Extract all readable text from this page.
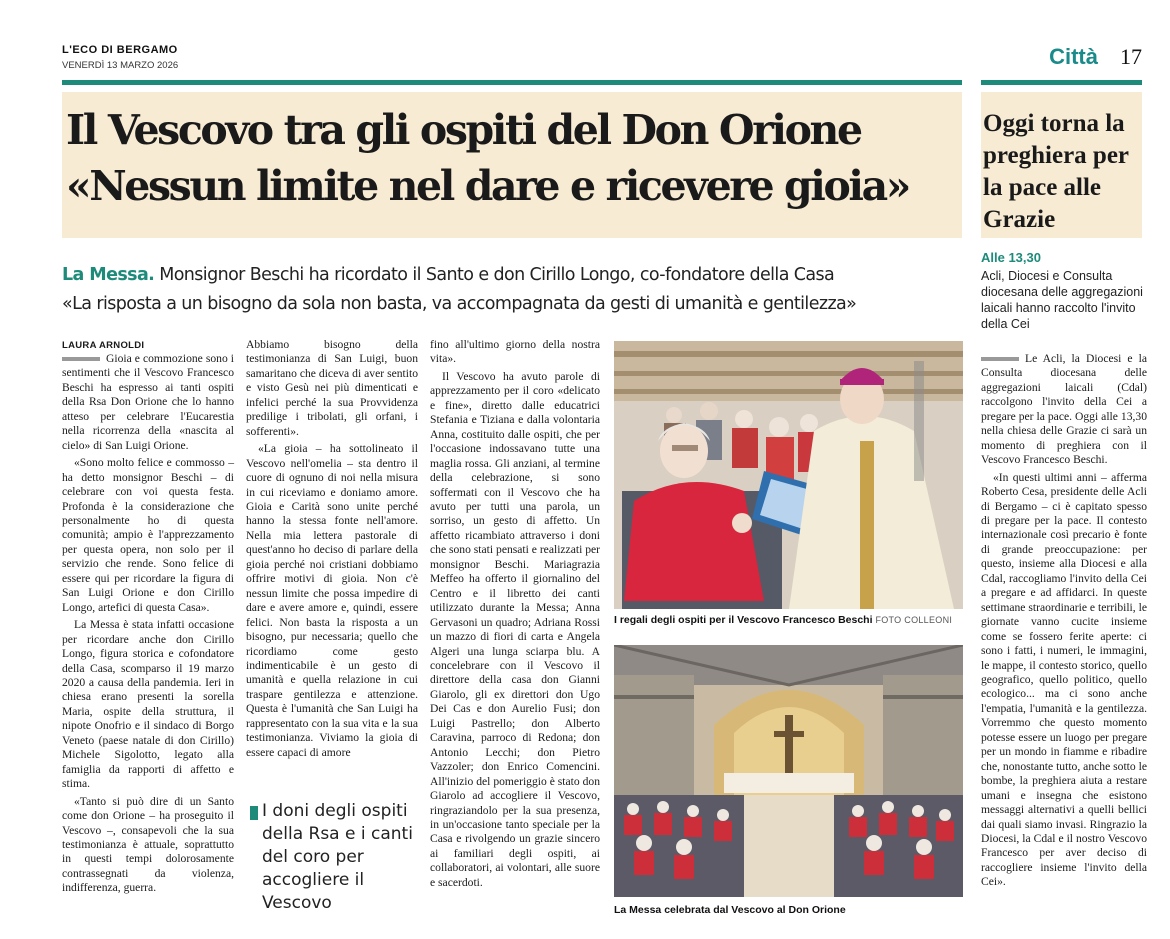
L'ECO DI BERGAMO
VENERDÌ 13 MARZO 2026	Città 17
Il Vescovo tra gli ospiti del Don Orione
«Nessun limite nel dare e ricevere gioia»
Oggi torna la preghiera per la pace alle Grazie
La Messa. Monsignor Beschi ha ricordato il Santo e don Cirillo Longo, co-fondatore della Casa
«La risposta a un bisogno da sola non basta, va accompagnata da gesti di umanità e gentilezza»
Alle 13,30
Acli, Diocesi e Consulta diocesana delle aggregazioni laicali hanno raccolto l'invito della Cei
LAURA ARNOLDI

Gioia e commozione sono i sentimenti che il Vescovo Francesco Beschi ha espresso ai tanti ospiti della Rsa Don Orione che lo hanno atteso per celebrare l'Eucarestia nella ricorrenza della «nascita al cielo» di San Luigi Orione.

«Sono molto felice e commosso – ha detto monsignor Beschi – di celebrare con voi questa festa. Profonda è la considerazione che personalmente ho di questa comunità; ampio è l'apprezzamento per questa opera, non solo per il servizio che rende. Sono felice di essere qui per ricordare la figura di San Luigi Orione e don Cirillo Longo, artefici di questa Casa».

La Messa è stata infatti occasione per ricordare anche don Cirillo Longo, figura storica e cofondatore della Casa, scomparso il 19 marzo 2020 a causa della pandemia. Ieri in chiesa erano presenti la sorella Maria, ospite della struttura, il nipote Onofrio e il sindaco di Borgo Veneto (paese natale di don Cirillo) Michele Sigolotto, legato alla famiglia da rapporti di affetto e stima.

«Tanto si può dire di un Santo come don Orione – ha proseguito il Vescovo –, consapevoli che la sua testimonianza è attuale, soprattutto in questi tempi dolorosamente contrassegnati da violenza, indifferenza, guerra.

Abbiamo bisogno della testimonianza di San Luigi, buon samaritano che diceva di aver sentito e visto Gesù nei più dimenticati e infelici perché la sua Provvidenza predilige i tribolati, gli orfani, i sofferenti».

«La gioia – ha sottolineato il Vescovo nell'omelia – sta dentro il cuore di ognuno di noi nella misura in cui riceviamo e doniamo amore. Gioia e Carità sono unite perché hanno la stessa fonte nell'amore. Nella mia lettera pastorale di quest'anno ho deciso di parlare della gioia perché noi cristiani dobbiamo offrire motivi di gioia. Non c'è nessun limite che possa impedire di dare e avere amore e, quindi, essere felici. Non basta la risposta a un bisogno, pur necessaria; quello che ricordiamo come gesto indimenticabile è un gesto di umanità e quella relazione in cui traspare gentilezza e attenzione. Questa è l'umanità che San Luigi ha rappresentato con la sua vita e la sua testimonianza. Viviamo la gioia di essere capaci di amore

I doni degli ospiti della Rsa e i canti del coro per accogliere il Vescovo

fino all'ultimo giorno della nostra vita».

Il Vescovo ha avuto parole di apprezzamento per il coro «delicato e fine», diretto dalle educatrici Stefania e Tiziana e dalla volontaria Anna, costituito dalle ospiti, che per l'occasione indossavano tutte una maglia rossa. Gli anziani, al termine della celebrazione, si sono soffermati con il Vescovo che ha avuto per tutti una parola, un sorriso, un gesto di affetto. Un affetto ricambiato attraverso i doni che sono stati pensati e realizzati per monsignor Beschi. Mariagrazia Meffeo ha offerto il giornalino del Centro e il libretto dei canti utilizzato durante la Messa; Anna Gervasoni un quadro; Adriana Rossi un mazzo di fiori di carta e Angela Algeri una lunga sciarpa blu. A concelebrare con il Vescovo il direttore della casa don Gianni Giarolo, gli ex direttori don Ugo Dei Cas e don Aurelio Fusi; don Luigi Pastrello; don Alberto Caravina, parroco di Redona; don Antonio Lecchi; don Pietro Vazzoler; don Enrico Comencini. All'inizio del pomeriggio è stato don Giarolo ad accogliere il Vescovo, ringraziandolo per la sua presenza, in un'occasione tanto speciale per la Casa e rivolgendo un grazie sincero ai familiari degli ospiti, ai collaboratori, ai volontari, alle suore e sacerdoti.

I regali degli ospiti per il Vescovo Francesco Beschi FOTO COLLEONI
La Messa celebrata dal Vescovo al Don Orione

Le Acli, la Diocesi e la Consulta diocesana delle aggregazioni laicali (Cdal) raccolgono l'invito della Cei a pregare per la pace. Oggi alle 13,30 nella chiesa delle Grazie ci sarà un momento di preghiera con il Vescovo Francesco Beschi.

«In questi ultimi anni – afferma Roberto Cesa, presidente delle Acli di Bergamo – ci è capitato spesso di pregare per la pace. Il contesto internazionale così precario è fonte di grande preoccupazione: per questo, insieme alla Diocesi e alla Cdal, raccogliamo l'invito della Cei a pregare e ad affidarci. In queste settimane straordinarie e terribili, le giornate vanno cucite insieme come se fossero ferite aperte: ci sono i fatti, i numeri, le immagini, le mappe, il contesto storico, quello geografico, quello politico, quello ecologico... ma ci sono anche l'empatia, l'umanità e la gentilezza. Vorremmo che questo momento potesse essere un luogo per pregare per un mondo in fiamme e ribadire che, nonostante tutto, anche sotto le bombe, la preghiera aiuta a restare umani e insegna che esistono messaggi alternativi a quelli bellici dai quali siamo invasi. Ringrazio la Diocesi, la Cdal e il nostro Vescovo Francesco per aver deciso di raccogliere insieme l'invito della Cei».
